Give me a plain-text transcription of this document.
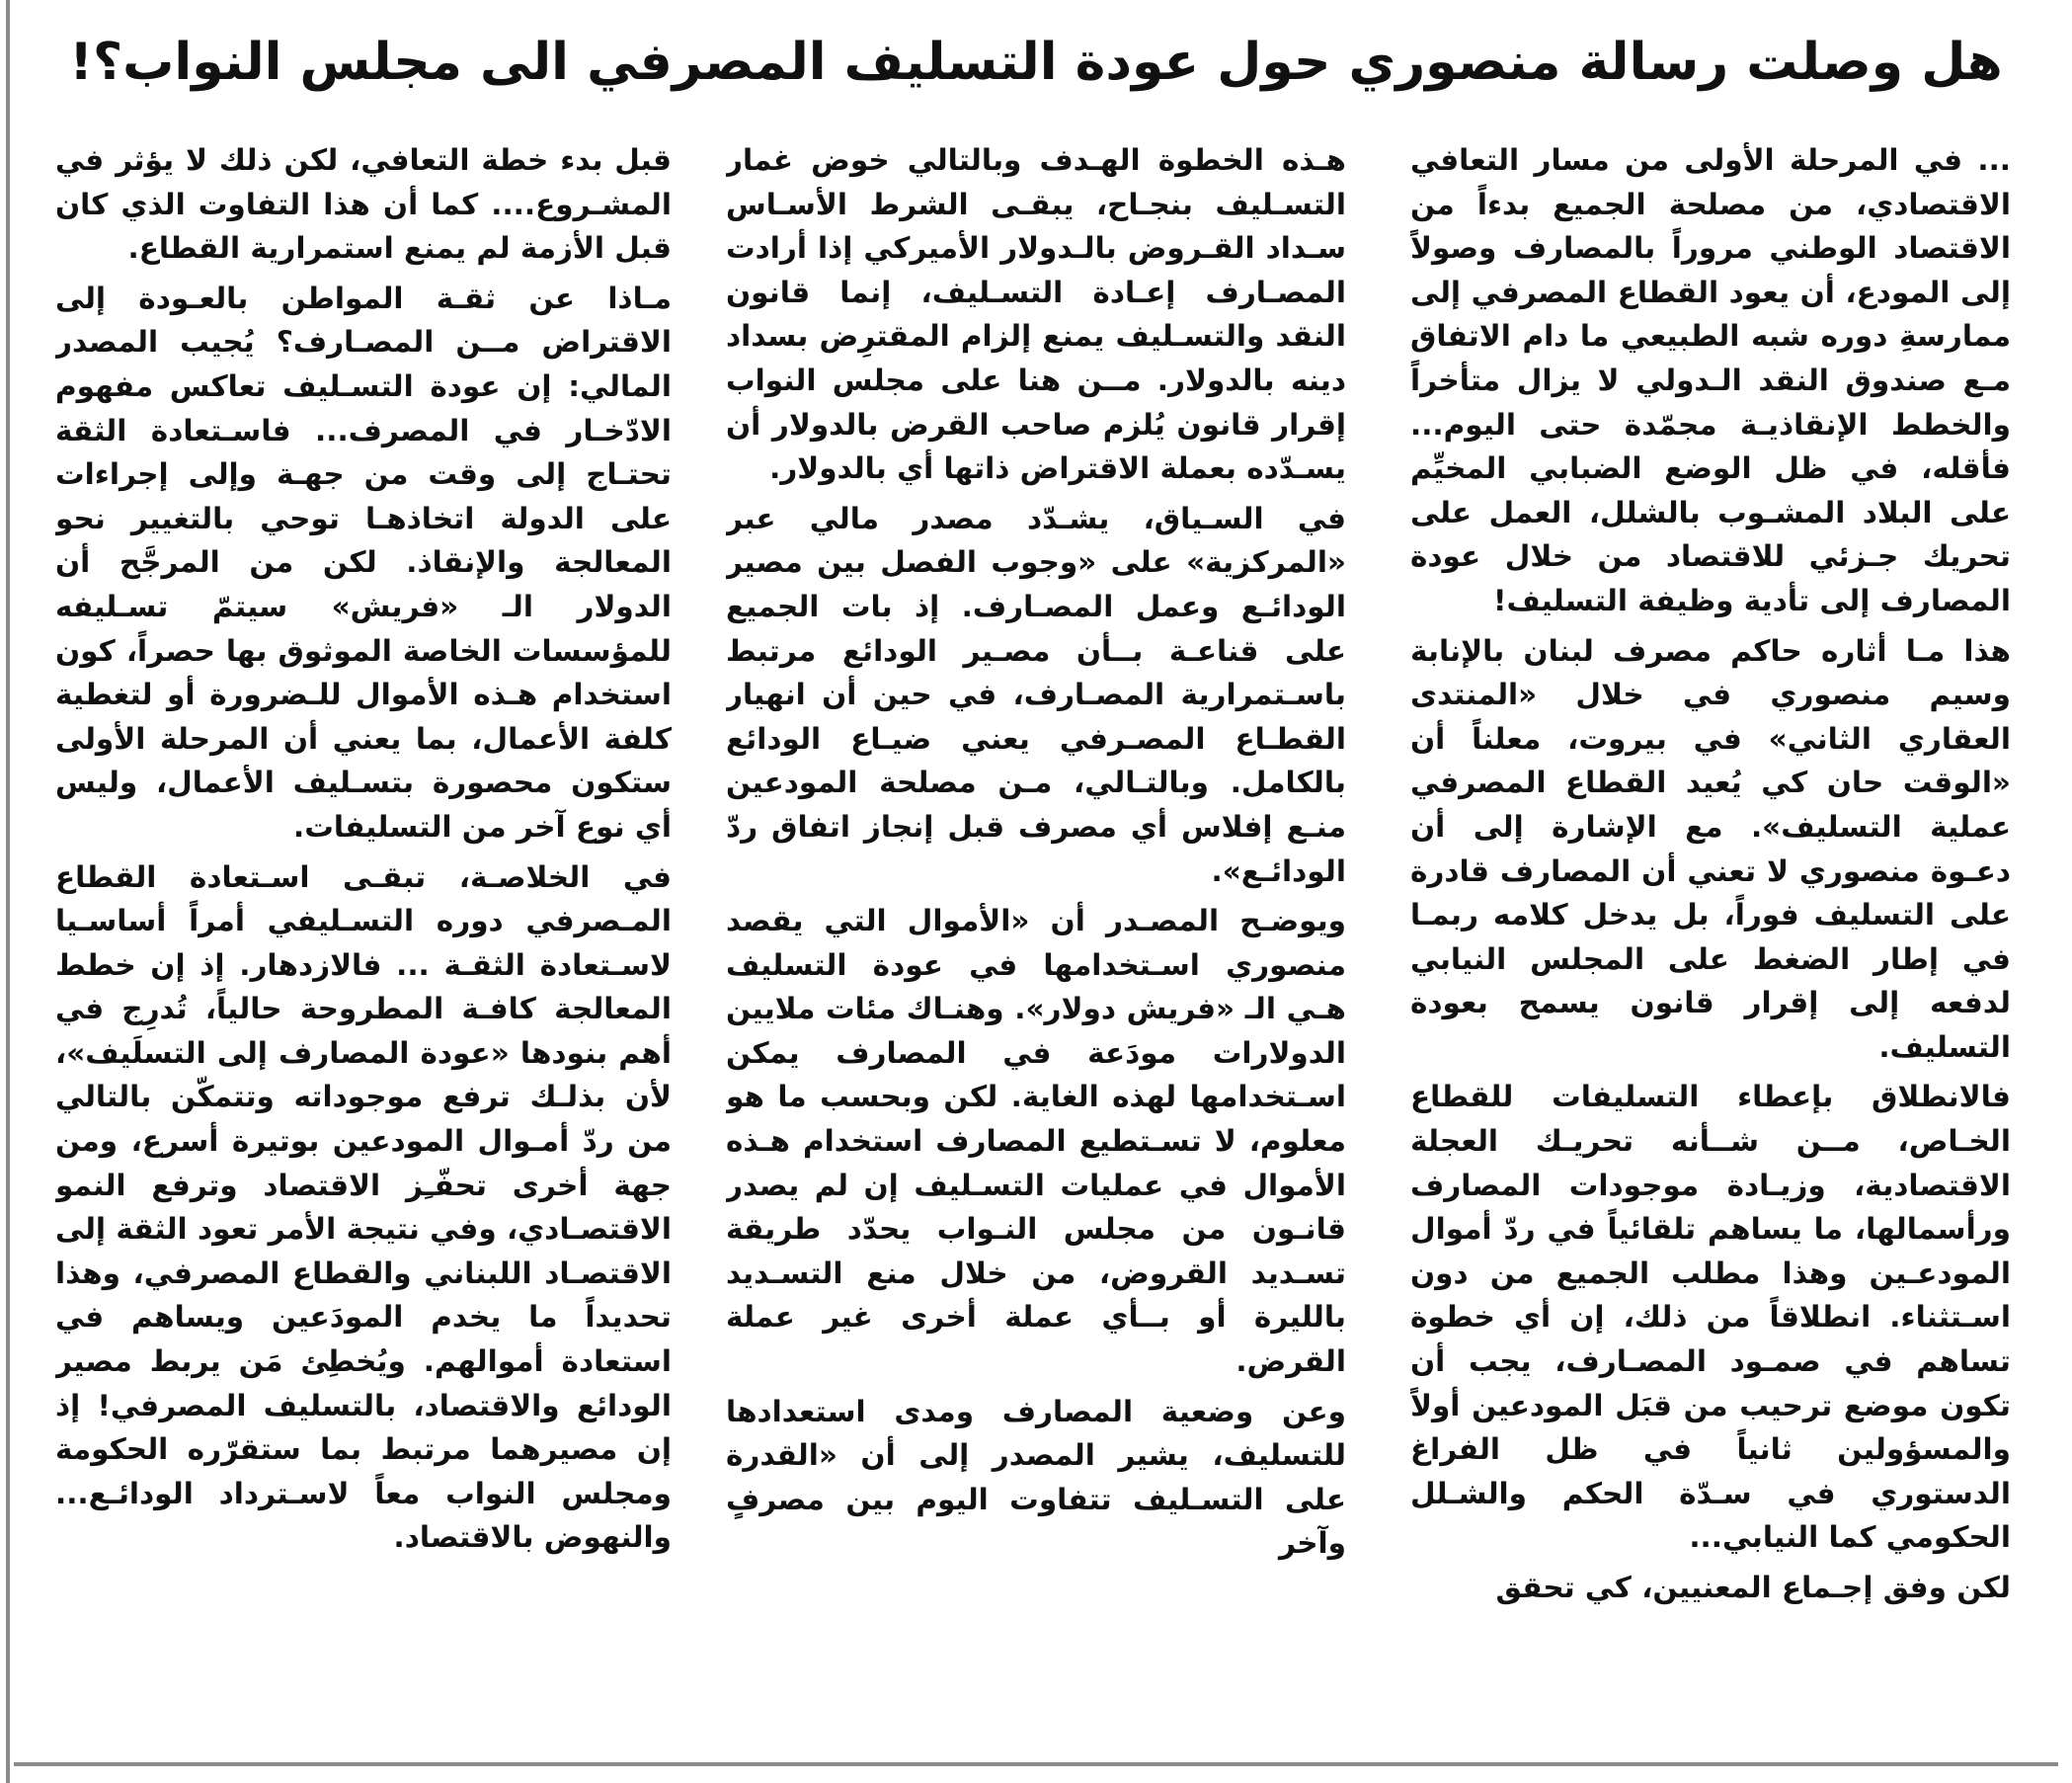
هل وصلت رسالة منصوري حول عودة التسليف المصرفي الى مجلس النواب؟!

... في المرحلة الأولى من مسار التعافي الاقتصادي، من مصلحة الجميع بدءاً من الاقتصاد الوطني مروراً بالمصارف وصولاً إلى المودع، أن يعود القطاع المصرفي إلى ممارسةِ دوره شبه الطبيعي ما دام الاتفاق مـع صندوق النقد الـدولي لا يزال متأخراً والخطط الإنقاذيـة مجمّدة حتى اليوم... فأقله، في ظل الوضع الضبابي المخيِّم على البلاد المشـوب بالشلل، العمل على تحريك جـزئي للاقتصاد من خلال عودة المصارف إلى تأدية وظيفة التسليف!

هذا مـا أثاره حاكم مصرف لبنان بالإنابة وسيم منصوري في خلال «المنتدى العقاري الثاني» في بيروت، معلناً أن «الوقت حان كي يُعيد القطاع المصرفي عملية التسليف». مع الإشارة إلى أن دعـوة منصوري لا تعني أن المصارف قادرة على التسليف فوراً، بل يدخل كلامه ربمـا في إطار الضغط على المجلس النيابي لدفعه إلى إقرار قانون يسمح بعودة التسليف.

فالانطلاق بإعطاء التسليفات للقطاع الخـاص، مــن شــأنه تحريـك العجلة الاقتصادية، وزيـادة موجودات المصارف ورأسمالها، ما يساهم تلقائياً في ردّ أموال المودعـين وهذا مطلب الجميع من دون اسـتثناء. انطلاقاً من ذلك، إن أي خطوة تساهم في صمـود المصـارف، يجب أن تكون موضع ترحيب من قبَل المودعين أولاً والمسؤولين ثانياً في ظل الفراغ الدستوري في سـدّة الحكم والشـلل الحكومي كما النيابي...

لكن وفق إجـماع المعنيين، كي تحقق

هـذه الخطوة الهـدف وبالتالي خوض غمار التسـليف بنجـاح، يبقـى الشرط الأسـاس سـداد القـروض بالـدولار الأميركي إذا أرادت المصـارف إعـادة التسـليف، إنما قانون النقد والتسـليف يمنع إلزام المقترِض بسداد دينه بالدولار. مــن هنا على مجلس النواب إقرار قانون يُلزم صاحب القرض بالدولار أن يسـدّده بعملة الاقتراض ذاتها أي بالدولار.

في السـياق، يشـدّد مصدر مالي عبر «المركزية» على «وجوب الفصل بين مصير الودائـع وعمل المصـارف. إذ بات الجميع على قناعـة بــأن مصـير الودائع مرتبط باسـتمرارية المصـارف، في حين أن انهيار القطـاع المصـرفي يعني ضيـاع الودائع بالكامل. وبالتـالي، مـن مصلحة المودعين منـع إفلاس أي مصرف قبل إنجاز اتفاق ردّ الودائـع».

ويوضـح المصـدر أن «الأموال التي يقصد منصوري اسـتخدامها في عودة التسليف هـي الـ «فريش دولار». وهنـاك مئات ملايين الدولارات مودَعة في المصارف يمكن اسـتخدامها لهذه الغاية. لكن وبحسب ما هو معلوم، لا تسـتطيع المصارف استخدام هـذه الأموال في عمليات التسـليف إن لم يصدر قانـون من مجلس النـواب يحدّد طريقة تسـديد القروض، من خلال منع التسـديد بالليرة أو بــأي عملة أخرى غير عملة القرض.

وعن وضعية المصارف ومدى استعدادها للتسليف، يشير المصدر إلى أن «القدرة على التسـليف تتفاوت اليوم بين مصرفٍ وآخر

قبل بدء خطة التعافي، لكن ذلك لا يؤثر في المشـروع.... كما أن هذا التفاوت الذي كان قبل الأزمة لم يمنع استمرارية القطاع.

مـاذا عن ثقـة المواطن بالعـودة إلى الاقتراض مــن المصـارف؟ يُجيب المصدر المالي: إن عودة التسـليف تعاكس مفهوم الادّخـار في المصرف... فاسـتعادة الثقة تحتـاج إلى وقت من جهـة وإلى إجراءات على الدولة اتخاذهـا توحي بالتغيير نحو المعالجة والإنقاذ. لكن من المرجَّح أن الدولار الـ «فريش» سيتمّ تسـليفه للمؤسسات الخاصة الموثوق بها حصراً، كون استخدام هـذه الأموال للـضرورة أو لتغطية كلفة الأعمال، بما يعني أن المرحلة الأولى ستكون محصورة بتسـليف الأعمال، وليس أي نوع آخر من التسليفات.

في الخلاصـة، تبقـى اسـتعادة القطاع المـصرفي دوره التسـليفي أمراً أساسـيا لاسـتعادة الثقـة ... فالازدهار. إذ إن خطط المعالجة كافـة المطروحة حالياً، تُدرِج في أهم بنودها «عودة المصارف إلى التسلَيف»، لأن بذلـك ترفع موجوداته وتتمكّن بالتالي من ردّ أمـوال المودعين بوتيرة أسرع، ومن جهة أخرى تحفّـِز الاقتصاد وترفع النمو الاقتصـادي، وفي نتيجة الأمر تعود الثقة إلى الاقتصـاد اللبناني والقطاع المصرفي، وهذا تحديداً ما يخدم المودَعين ويساهم في استعادة أموالهم. ويُخطِئ مَن يربط مصير الودائع والاقتصاد، بالتسليف المصرفي! إذ إن مصيرهما مرتبط بما ستقرّره الحكومة ومجلس النواب معاً لاسـترداد الودائـع... والنهوض بالاقتصاد.
